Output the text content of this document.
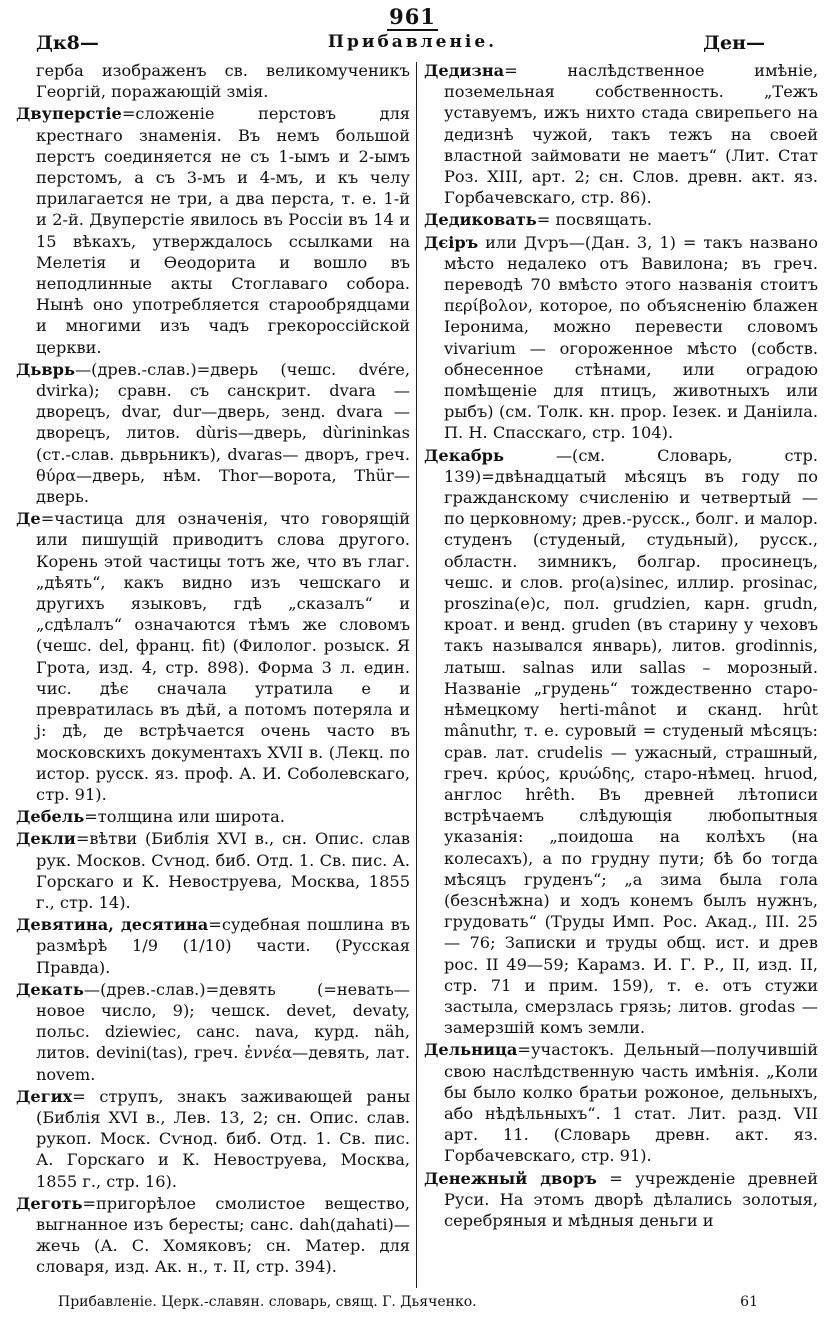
961
Дк8—	Прибавленіе.	Ден—
герба изображенъ св. великомученикъ Георгій, поражающій змія.
Двуперстіе=сложеніе перстовъ для крестнаго знаменія. Въ немъ большой перстъ соединяется не съ 1-ымъ и 2-ымъ перстомъ, а съ 3-мъ и 4-мъ, и къ челу прилагается не три, а два перста, т. е. 1-й и 2-й. Двуперстіе явилось въ Россіи въ 14 и 15 вѣкахъ, утверждалось ссылками на Мелетія и Ѳеодорита и вошло въ неподлинные акты Стоглаваго собора. Нынѣ оно употребляется старообрядцами и многими изъ чадъ грекороссійской церкви.
Дьврь—(древ.-слав.)=дверь (чешс. dvére, dvirka); сравн. съ санскрит. dvara — дворецъ, dvar, dur—дверь, зенд. dvara — дворецъ, литов. dùris—дверь, dùrininkas (ст.-слав. дьврьникъ), dvaras— дворъ, греч. θύρα—дверь, нѣм. Thor—ворота, Thür—дверь.
Де=частица для означенія, что говорящій или пишущій приводитъ слова другого. Корень этой частицы тотъ же, что въ глаг. „дѣять“, какъ видно изъ чешскаго и другихъ языковъ, гдѣ „сказалъ“ и „сдѣлалъ“ означаются тѣмъ же словомъ (чешс. del, франц. fit) (Филолог. розыск. Я Грота, изд. 4, стр. 898). Форма 3 л. един. чис. дѣє сначала утратила е и превратилась въ дѣй, а потомъ потеряла и j: дѣ, де встрѣчается очень часто въ московскихъ документахъ XVII в. (Лекц. по истор. русск. яз. проф. А. И. Соболевскаго, стр. 91).
Дебель=толщина или широта.
Декли=вѣтви (Библія XVI в., сн. Опис. слав рук. Москов. Сѵнод. биб. Отд. 1. Св. пис. А. Горскаго и К. Невоструева, Москва, 1855 г., стр. 14).
Девятина, десятина=судебная пошлина въ размѣрѣ 1/9 (1/10) части. (Русская Правда).
Декать—(древ.-слав.)=девять (=невать—новое число, 9); чешск. devet, devaty, польс. dziewiec, санс. nava, курд. näh, литов. devini(tas), греч. ἐννέα—девять, лат. novem.
Дегих= струпъ, знакъ заживающей раны (Библія XVI в., Лев. 13, 2; сн. Опис. слав. рукоп. Моск. Сѵнод. биб. Отд. 1. Св. пис. А. Горскаго и К. Невоструева, Москва, 1855 г., стр. 16).
Деготь=пригорѣлое смолистое вещество, выгнанное изъ бересты; санс. dah(даhati)—жечь (А. С. Хомяковъ; сн. Матер. для словаря, изд. Ак. н., т. II, стр. 394).
Дедизна= наслѣдственное имѣніе, поземельная собственность. „Тежъ уставуемъ, ижъ нихто стада свирепьего на дедизнѣ чужой, такъ тежъ на своей властной займовати не маетъ“ (Лит. Стат Роз. XIII, арт. 2; сн. Слов. древн. акт. яз. Горбачевскаго, стр. 86).
Дедиковать= посвящать.
Дєіръ или Дѵръ—(Дан. 3, 1) = такъ названо мѣсто недалеко отъ Вавилона; въ греч. переводѣ 70 вмѣсто этого названія стоитъ περίβολον, которое, по объясненію блажен Іеронима, можно перевести словомъ vivarium — огороженное мѣсто (собств. обнесенное стѣнами, или оградою помѣщеніе для птицъ, животныхъ или рыбъ) (см. Толк. кн. прор. Іезек. и Даніила. П. Н. Спасскаго, стр. 104).
Декабрь —(см. Словарь, стр. 139)=двѣнадцатый мѣсяцъ въ году по гражданскому счисленію и четвертый — по церковному; древ.-русск., болг. и малор. студенъ (студеный, студьный), русск., областн. зимникъ, болгар. просинецъ, чешс. и слов. pro(a)sinec, иллир. prosinac, proszina(e)c, пол. grudzien, карн. grudn, кроат. и венд. gruden (въ старину у чеховъ такъ назывался январь), литов. grodinnis, латыш. salnas или sallas – морозный. Названіе „грудень“ тождественно старо-нѣмецкому herti-mânot и сканд. hrût mânuthr, т. е. суровый = студеный мѣсяцъ: срав. лат. crudelis — ужасный, страшный, греч. κρύος, κρυώδης, старо-нѣмец. hruod, англос hrêth. Въ древней лѣтописи встрѣчаемъ слѣдующія любопытныя указанія: „поидоша на колѣхъ (на колесахъ), а по грудну пути; бѣ бо тогда мѣсяцъ груденъ“; „а зима была гола (безснѣжна) и ходъ конемъ былъ нужнъ, грудовать“ (Труды Имп. Рос. Акад., III. 25 — 76; Записки и труды общ. ист. и древ рос. II 49—59; Карамз. И. Г. Р., II, изд. II, стр. 71 и прим. 159), т. е. отъ стужи застыла, смерзлась грязь; литов. grodas — замерзшій комъ земли.
Дельница=участокъ. Дельный—получившій свою наслѣдственную часть имѣнія. „Коли бы было колко братьи рожоное, дельныхъ, або нѣдѣльныхъ“. 1 стат. Лит. разд. VII арт. 11. (Словарь древн. акт. яз. Горбачевскаго, стр. 91).
Денежный дворъ = учрежденіе древней Руси. На этомъ дворѣ дѣлались золотыя, серебряныя и мѣдныя деньги и
Прибавленіе. Церк.-славян. словарь, свящ. Г. Дьяченко.	61
